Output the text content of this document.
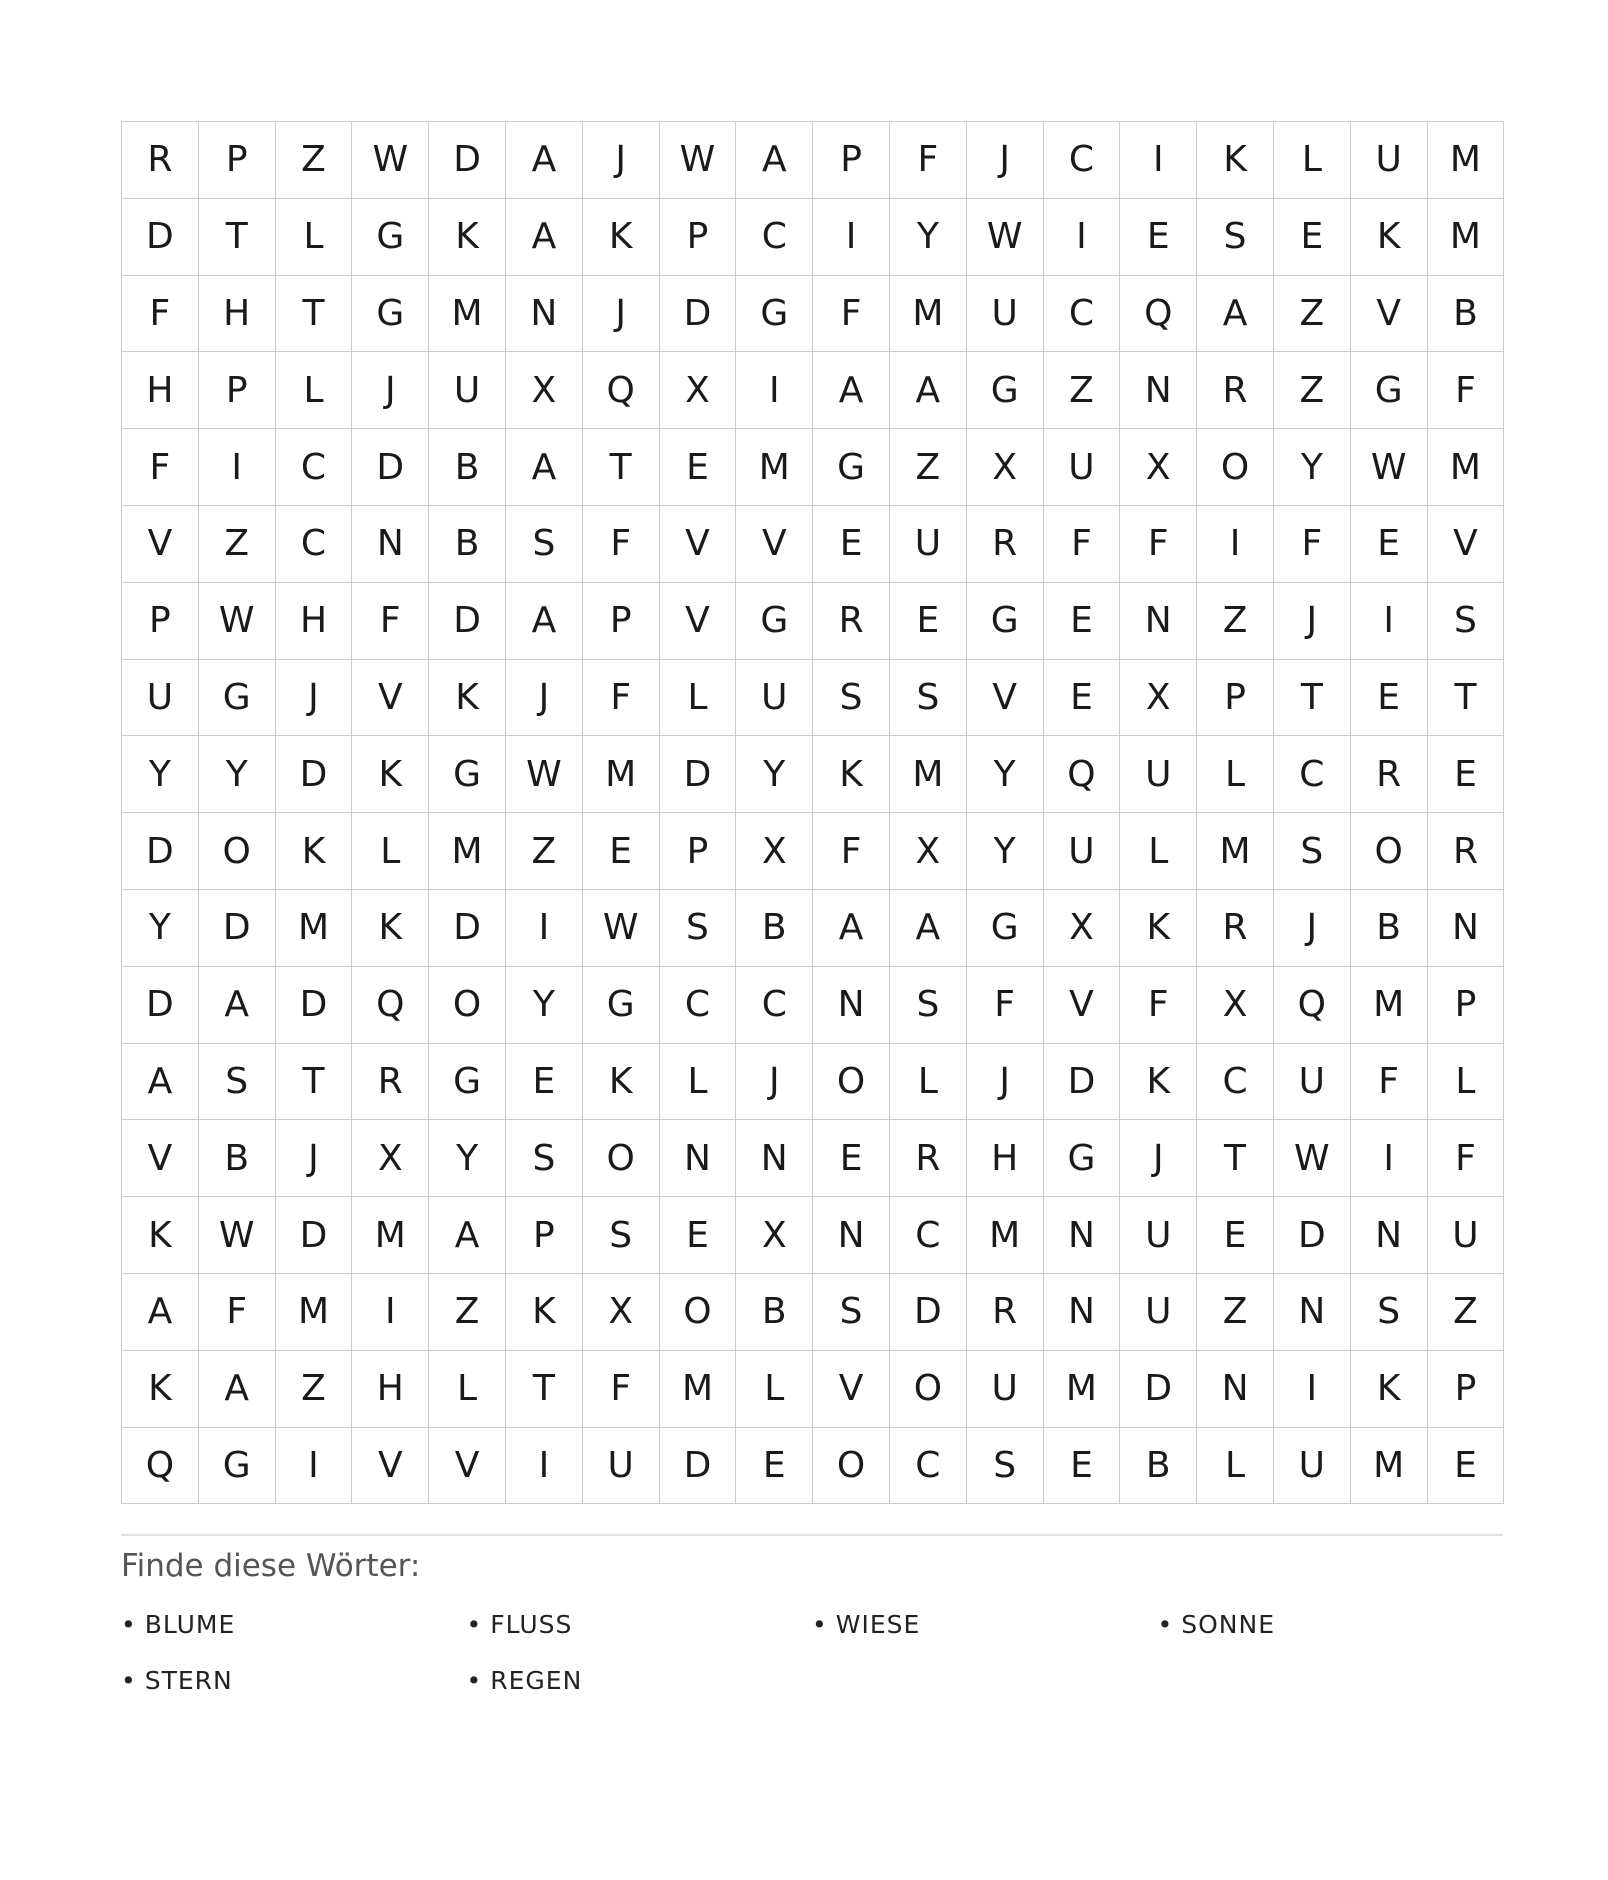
R	P	Z	W	D	A	J	W	A	P	F	J	C	I	K	L	U	M
D	T	L	G	K	A	K	P	C	I	Y	W	I	E	S	E	K	M
F	H	T	G	M	N	J	D	G	F	M	U	C	Q	A	Z	V	B
H	P	L	J	U	X	Q	X	I	A	A	G	Z	N	R	Z	G	F
F	I	C	D	B	A	T	E	M	G	Z	X	U	X	O	Y	W	M
V	Z	C	N	B	S	F	V	V	E	U	R	F	F	I	F	E	V
P	W	H	F	D	A	P	V	G	R	E	G	E	N	Z	J	I	S
U	G	J	V	K	J	F	L	U	S	S	V	E	X	P	T	E	T
Y	Y	D	K	G	W	M	D	Y	K	M	Y	Q	U	L	C	R	E
D	O	K	L	M	Z	E	P	X	F	X	Y	U	L	M	S	O	R
Y	D	M	K	D	I	W	S	B	A	A	G	X	K	R	J	B	N
D	A	D	Q	O	Y	G	C	C	N	S	F	V	F	X	Q	M	P
A	S	T	R	G	E	K	L	J	O	L	J	D	K	C	U	F	L
V	B	J	X	Y	S	O	N	N	E	R	H	G	J	T	W	I	F
K	W	D	M	A	P	S	E	X	N	C	M	N	U	E	D	N	U
A	F	M	I	Z	K	X	O	B	S	D	R	N	U	Z	N	S	Z
K	A	Z	H	L	T	F	M	L	V	O	U	M	D	N	I	K	P
Q	G	I	V	V	I	U	D	E	O	C	S	E	B	L	U	M	E
Finde diese Wörter:
• BLUME	• FLUSS	• WIESE	• SONNE
• STERN	• REGEN
